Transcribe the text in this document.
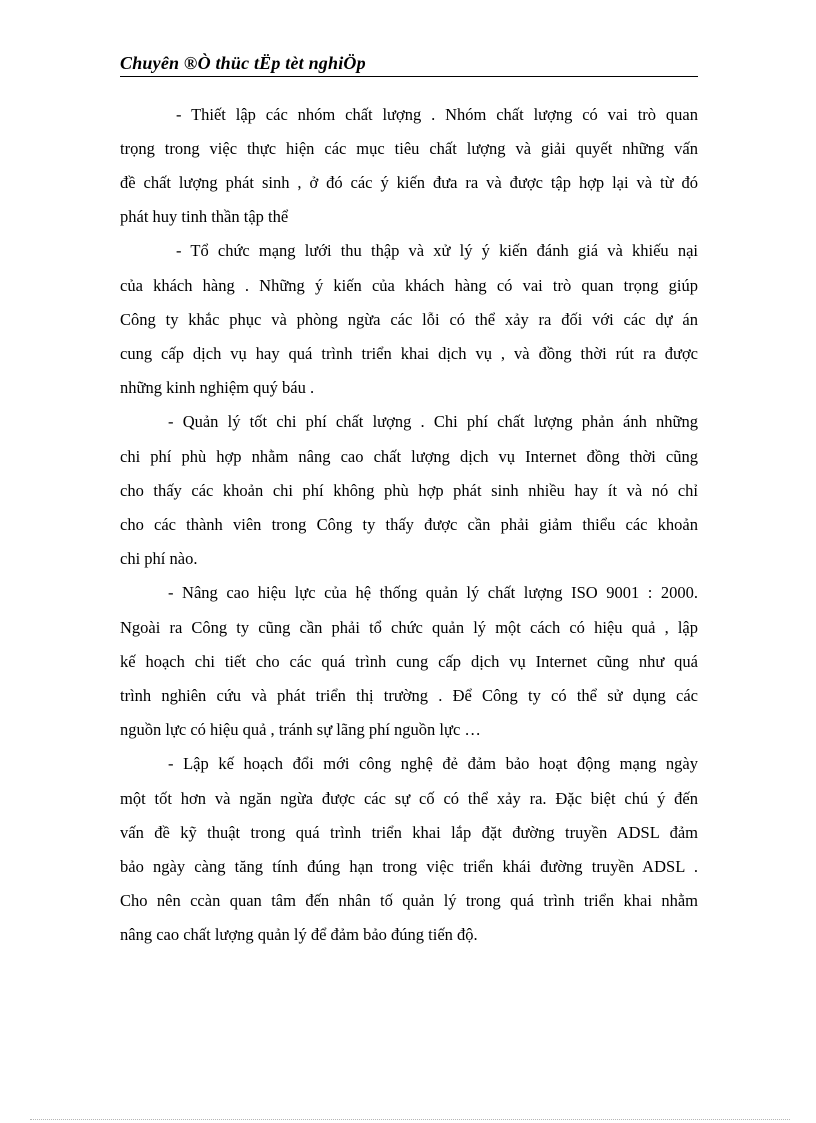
Chuyên ®Ò thüc tËp tèt nghiÖp
- Thiết lập các nhóm chất lượng . Nhóm chất lượng có vai trò quan
trọng trong việc thực hiện các mục tiêu chất lượng và giải quyết những vấn
đề chất lượng phát sinh , ở đó các ý kiến đưa ra và được tập hợp lại và từ đó
phát huy tinh thần tập thể
- Tổ chức mạng lưới thu thập và xử lý ý kiến đánh giá và khiếu nại
của khách hàng . Những ý kiến của khách hàng có vai trò quan trọng giúp
Công ty khắc phục và phòng ngừa các lỗi có thể xảy ra đối với các dự án
cung cấp dịch vụ hay quá trình triển khai dịch vụ , và đồng thời rút ra được
những kinh nghiệm quý báu .
- Quản lý tốt chi phí chất lượng . Chi phí chất lượng phản ánh những
chi phí phù hợp nhằm nâng cao chất lượng dịch vụ Internet đồng thời cũng
cho thấy các khoản chi phí không phù hợp phát sinh nhiều hay ít và nó chỉ
cho các thành viên trong Công ty thấy được cần phải giảm thiểu các khoản
chi phí nào.
- Nâng cao hiệu lực của hệ thống quản lý chất lượng ISO 9001 : 2000.
Ngoài ra Công ty cũng cần phải tổ chức quản lý một cách có hiệu quả , lập
kế hoạch chi tiết cho các quá trình cung cấp dịch vụ Internet cũng như quá
trình nghiên cứu và phát triển thị trường . Để Công ty có thể sử dụng các
nguồn lực có hiệu quả , tránh sự lãng phí nguồn lực …
- Lập kế hoạch đổi mới công nghệ đẻ đảm bảo hoạt động mạng ngày
một tốt hơn và ngăn ngừa được các sự cố có thể xảy ra. Đặc biệt chú ý đến
vấn đề kỹ thuật trong quá trình triển khai lắp đặt đường truyền ADSL đảm
bảo ngày càng tăng tính đúng hạn trong việc triển khái đường truyền ADSL .
Cho nên ccàn quan tâm đến nhân tố quản lý trong quá trình triển khai nhằm
nâng cao chất lượng quản lý để đảm bảo đúng tiến độ.
